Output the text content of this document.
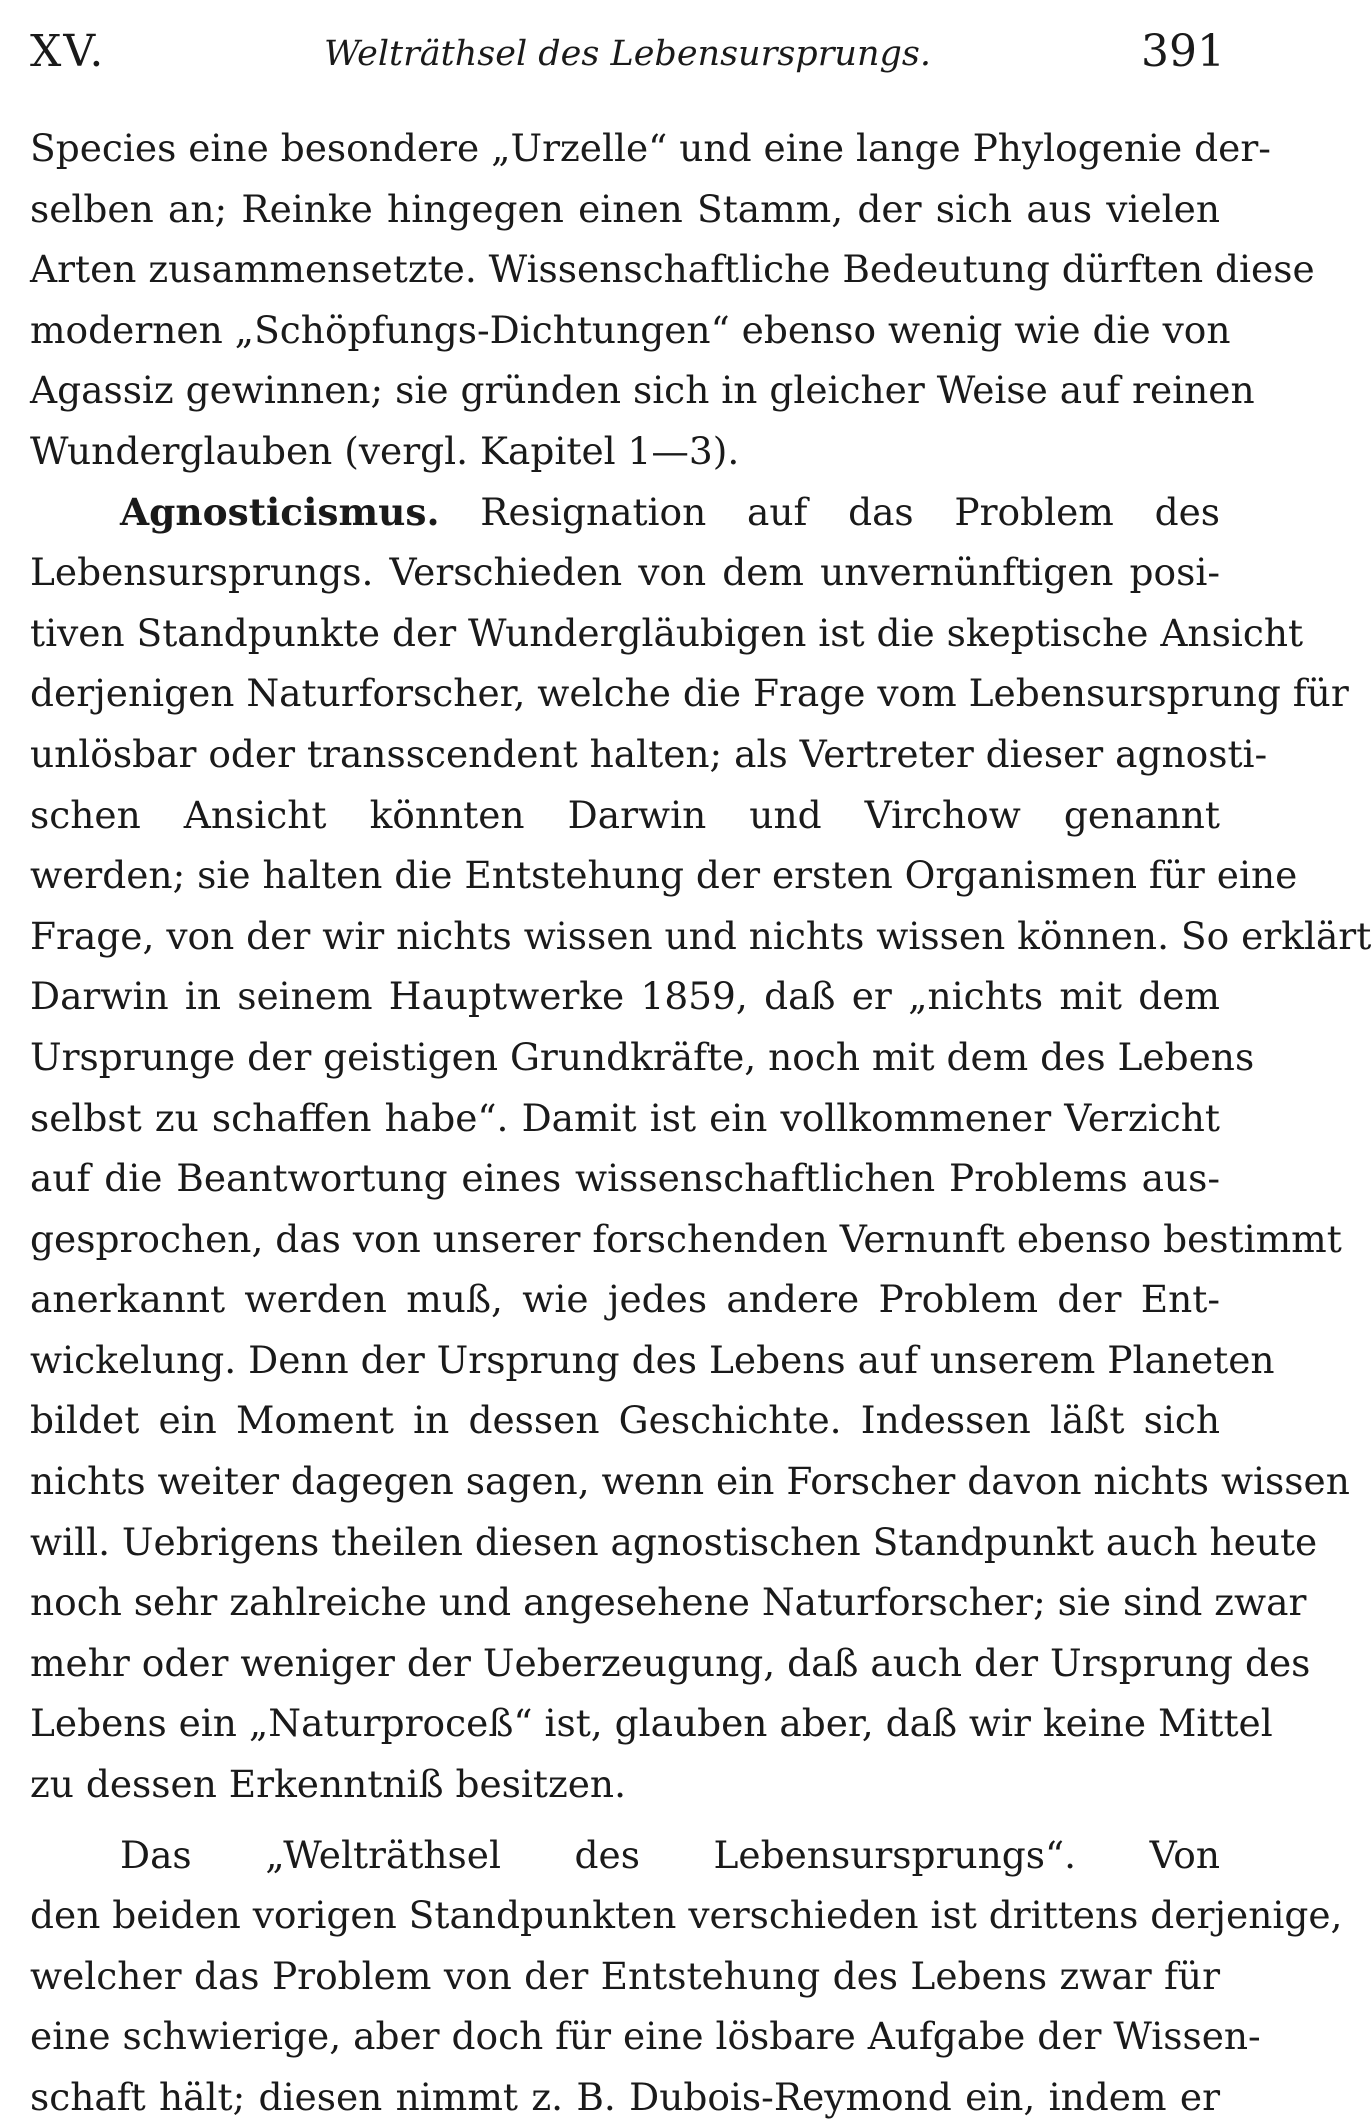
XV.	Welträthsel des Lebensursprungs.	391
Species eine besondere „Urzelle“ und eine lange Phylogenie der-
selben an; Reinke hingegen einen Stamm, der sich aus vielen
Arten zusammensetzte. Wissenschaftliche Bedeutung dürften diese
modernen „Schöpfungs-Dichtungen“ ebenso wenig wie die von
Agassiz gewinnen; sie gründen sich in gleicher Weise auf reinen
Wunderglauben (vergl. Kapitel 1—3).
Agnosticismus. Resignation auf das Problem des
Lebensursprungs. Verschieden von dem unvernünftigen posi-
tiven Standpunkte der Wundergläubigen ist die skeptische Ansicht
derjenigen Naturforscher, welche die Frage vom Lebensursprung für
unlösbar oder transscendent halten; als Vertreter dieser agnosti-
schen Ansicht könnten Darwin und Virchow genannt
werden; sie halten die Entstehung der ersten Organismen für eine
Frage, von der wir nichts wissen und nichts wissen können. So erklärt
Darwin in seinem Hauptwerke 1859, daß er „nichts mit dem
Ursprunge der geistigen Grundkräfte, noch mit dem des Lebens
selbst zu schaffen habe“. Damit ist ein vollkommener Verzicht
auf die Beantwortung eines wissenschaftlichen Problems aus-
gesprochen, das von unserer forschenden Vernunft ebenso bestimmt
anerkannt werden muß, wie jedes andere Problem der Ent-
wickelung. Denn der Ursprung des Lebens auf unserem Planeten
bildet ein Moment in dessen Geschichte. Indessen läßt sich
nichts weiter dagegen sagen, wenn ein Forscher davon nichts wissen
will. Uebrigens theilen diesen agnostischen Standpunkt auch heute
noch sehr zahlreiche und angesehene Naturforscher; sie sind zwar
mehr oder weniger der Ueberzeugung, daß auch der Ursprung des
Lebens ein „Naturproceß“ ist, glauben aber, daß wir keine Mittel
zu dessen Erkenntniß besitzen.
Das „Welträthsel des Lebensursprungs“. Von
den beiden vorigen Standpunkten verschieden ist drittens derjenige,
welcher das Problem von der Entstehung des Lebens zwar für
eine schwierige, aber doch für eine lösbare Aufgabe der Wissen-
schaft hält; diesen nimmt z. B. Dubois-Reymond ein, indem er
